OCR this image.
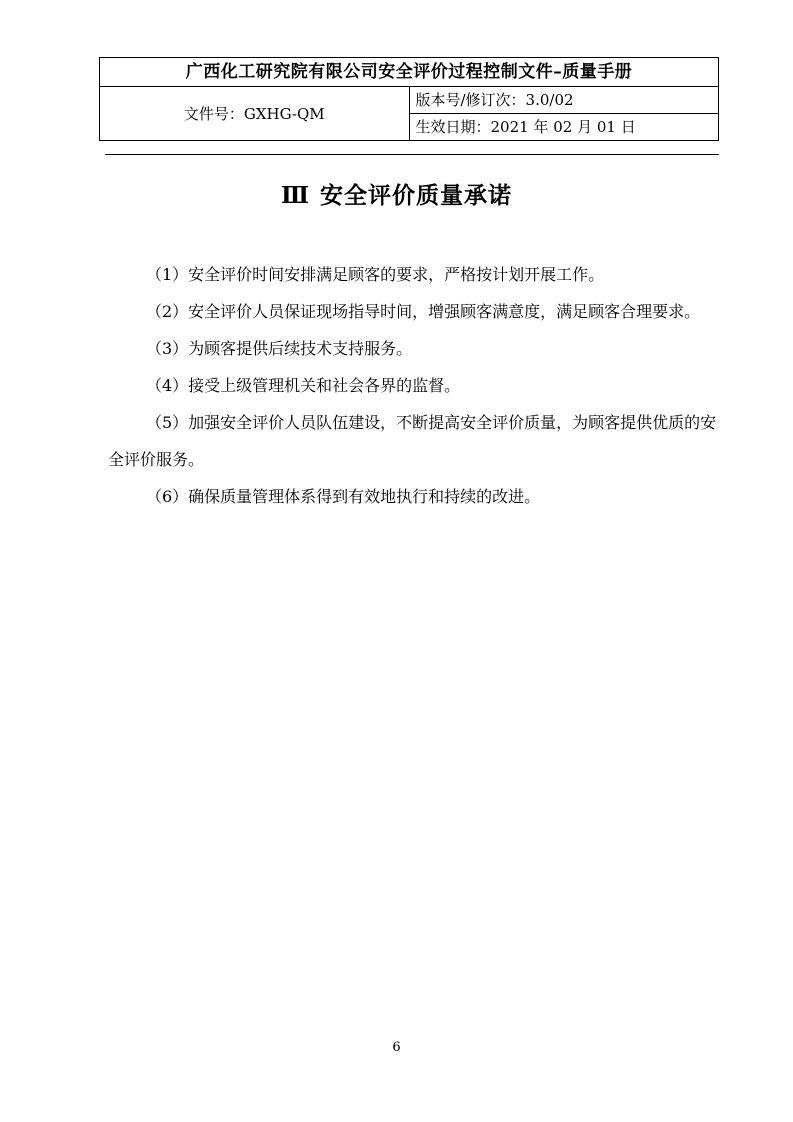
广西化工研究院有限公司安全评价过程控制文件–质量手册
文件号：GXHG-QM	版本号/修订次：3.0/02
生效日期：2021 年 02 月 01 日
Ⅲ 安全评价质量承诺

（1）安全评价时间安排满足顾客的要求，严格按计划开展工作。

（2）安全评价人员保证现场指导时间，增强顾客满意度，满足顾客合理要求。

（3）为顾客提供后续技术支持服务。

（4）接受上级管理机关和社会各界的监督。

（5）加强安全评价人员队伍建设，不断提高安全评价质量，为顾客提供优质的安全评价服务。

（6）确保质量管理体系得到有效地执行和持续的改进。

6
